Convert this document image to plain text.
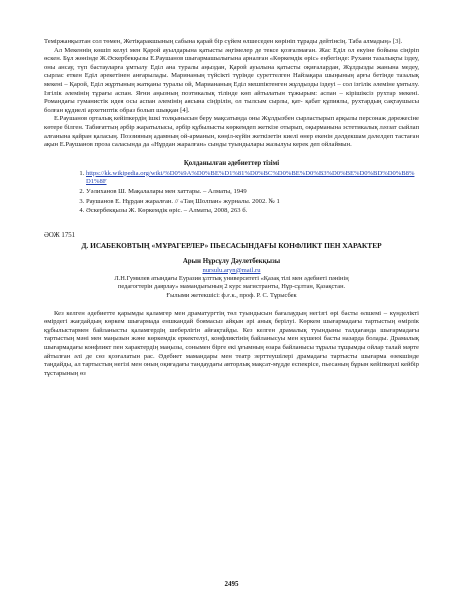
Теміржанқызтан сол төмен, Жетіқаракшының сабына қарай бір сүйем өлшеседен көрініп тұрады дейтінсің. Таба алмадың» [3].

Ал Мекеннің көшіп келуі мен Қарой ауылдарына қатысты әңгімелер де тексе қозғалмаған. Жас Еділ ол екуіне бойына сіңіріп өскен. Бұл жөнінде Ж.Әскербекқызы Е.Раушанов шығармашылығына арналған «Көркемдік өріс» еңбегінде: Рухани тазалықты іздеу, оны ансау, түп бастауларға ұмтылу Еділ ана туралы аңыздан, Қарой ауылына қатысты оқиғалардан, Жұлдызды жанына медеу, сырлас еткен Еділ әрекетінен анғарылады. Маринаның түйсікті түрінде суреттелген Найзақара шыңының арғы бетінде тазалық мекені – Қарой, Еділ жұртының жатқаны туралы ой, Мариананың Еділ мешпіктенген жұлдызды іздеуі – сол ізгілік әлеміне ұмтылу. Ізгілік әлемінің тұрағы аспан. Яғни аңызның поэтикалық тілінде көп айтылатын тұжырым: аспан – кірішіксіз рухтар мекені. Романдағы гуманистік идея осы аспан әлемінің аясына сіңірілін, ол тылсым сырлы, қат- қабат құпиялы, рухтардың сақтаушысы болған құдиелі архетиптік образ болып шыққан [4].

Е.Раушанов орталық кейіпкердің ішкі толқынысын беру мақсатында оны Жұлдызбен сырластырып арқылы персонаж дәрежесіне көтере білген. Табиғаттың әрбір жаратылысы, әрбір құбылысты көркемдеп жеткізе отырып, оқырманына эстетикалық ләззат сыйлап алғанына қайран қаласың. Поэзияның адамның ой-арманын, көңіл-күйін жеткізетін киелі өнер екенін дәлдекшам дәлелдеп тастаған ақын Е.Раушанов проза саласында да «Нұрдан жаралған» сынды туындылары жазылуы керек деп ойлаймын.

Қолданылған әдебиеттер тізімі
1. https://kk.wikipedia.org/wiki/%D0%9A%D0%BE%D1%81%D0%BC%D0%BE%D0%B3%D0%BE%D0%BD%D0%B8%D1%8F
2. Уәлиханов Ш. Мақалалары мен хаттары. – Алматы, 1949
3. Раушанов Е. Нұрдан жаралған. // «Таң Шолпан» журналы. 2002. № 1
4. Әскербекқызы Ж. Көркемдік өріс. – Алматы, 2008, 263 б.
ӘОЖ 1751
Д. ИСАБЕКОВТЫҢ «МҰРАГЕРЛЕР» ПЬЕСАСЫНДАҒЫ КОНФЛИКТ ПЕН ХАРАКТЕР

Арын Нұрсұлу Дәулетбекқызы

nursulu.aryn@mail.ru
Л.Н.Гумилев атындағы Еуразия ұлттық университеті «Қазақ тілі мен әдебиеті пәнінің
педагогтерін даярлау» мамандығының 2 курс магистранты, Нұр-сұлтан, Қазақстан.
Ғылыми жетекшісі: ф.ғ.к., проф. Р. С. Тұрысбек

Кез келген әдебиетте қарымды қаламгер мен драматургтің төл туындысын бағалаудың негізгі өрі басты өлшемі – күнделікті өмірдегі жағдайдың көркем шығармада еншкандай боямасыз айқын әрі анық берілуі. Көркем шығармадағы тартыстың өмірлік құбылыстармен байланысты қаламгердің шеберлігін айғақтайды. Кез келген драмалық туындыны талдағанда шығармадағы тартыстың мәні мен маңызын және көркемдік еркектелуі, конфликтінің байланысуы мен күшеюі басты назарда болады. Драмалық шығармадағы конфликт пен характердің маңызы, сонымен бірге екі ұғымның өзара байланысы тұралы тұщымды ойлар талай мәрте айтылған әлі де сөз қозғалатын рас. Әдебиет мамандары мен театр зерттеушілері драмадағы тартысты шығарма өзекшінде таңдайды, ал тартыстың негізі мен оның оқиғадағы тандаудағы авторлық мақсат-мүдде еспекрісе, пьесаның бұрын кейіпкерлі кейбір тұстарының өз

2495
